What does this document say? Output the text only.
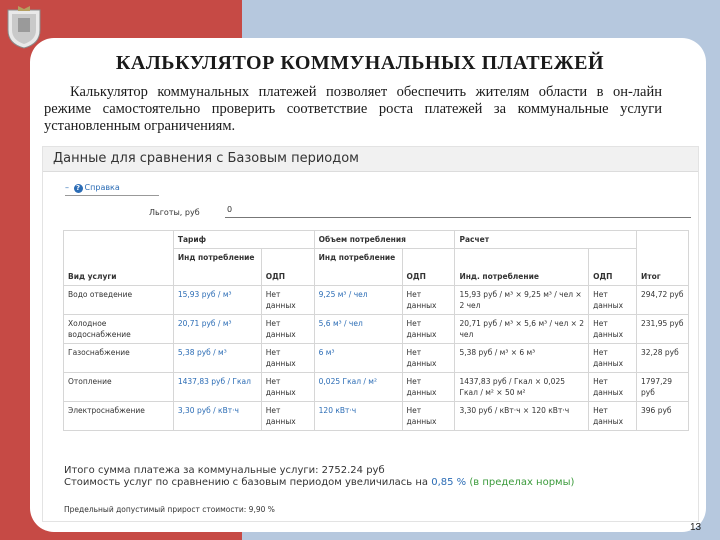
КАЛЬКУЛЯТОР КОММУНАЛЬНЫХ ПЛАТЕЖЕЙ
Калькулятор коммунальных платежей позволяет обеспечить жителям области в он-лайн режиме самостоятельно проверить соответствие роста платежей за коммунальные услуги установленным ограничениям.
Данные для сравнения с Базовым периодом
– ? Справка
Льготы, руб	0
	Тариф		Объем потребления		Расчет		
Вид услуги	Инд потребление	ОДП	Инд потребление	ОДП	Инд. потребление	ОДП	Итог
Водо отведение	15,93 руб / м³	Нет данных	9,25 м³ / чел	Нет данных	15,93 руб / м³ × 9,25 м³ / чел × 2 чел	Нет данных	294,72 руб
Холодное водоснабжение	20,71 руб / м³	Нет данных	5,6 м³ / чел	Нет данных	20,71 руб / м³ × 5,6 м³ / чел × 2 чел	Нет данных	231,95 руб
Газоснабжение	5,38 руб / м³	Нет данных	6 м³	Нет данных	5,38 руб / м³ × 6 м³	Нет данных	32,28 руб
Отопление	1437,83 руб / Гкал	Нет данных	0,025 Гкал / м²	Нет данных	1437,83 руб / Гкал × 0,025 Гкал / м² × 50 м²	Нет данных	1797,29 руб
Электроснабжение	3,30 руб / кВт·ч	Нет данных	120 кВт·ч	Нет данных	3,30 руб / кВт·ч × 120 кВт·ч	Нет данных	396 руб
Итого сумма платежа за коммунальные услуги: 2752.24 руб
Стоимость услуг по сравнению с базовым периодом увеличилась на 0,85 % (в пределах нормы)
Предельный допустимый прирост стоимости: 9,90 %
13
